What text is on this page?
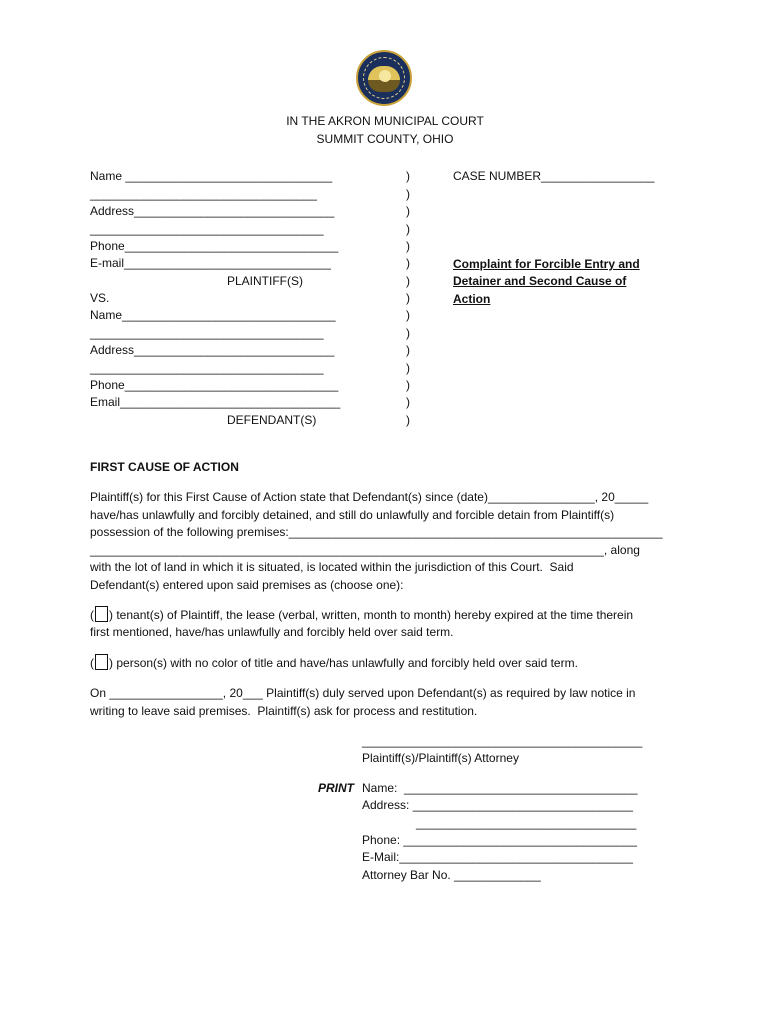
IN THE AKRON MUNICIPAL COURT
SUMMIT COUNTY, OHIO
Name _______________________________
__________________________________
Address______________________________
___________________________________
Phone________________________________
E-mail_______________________________
PLAINTIFF(S)
VS.
Name________________________________
___________________________________
Address______________________________
___________________________________
Phone________________________________
Email_________________________________
DEFENDANT(S)
)
)
)
)
)
)
)
)
)
)
)
)
)
)
)
CASE NUMBER_________________
Complaint for Forcible Entry and
Detainer and Second Cause of
Action
FIRST CAUSE OF ACTION
Plaintiff(s) for this First Cause of Action state that Defendant(s) since (date)________________, 20_____
have/has unlawfully and forcibly detained, and still do unlawfully and forcible detain from Plaintiff(s)
possession of the following premises:________________________________________________________
_____________________________________________________________________________, along
with the lot of land in which it is situated, is located within the jurisdiction of this Court.  Said
Defendant(s) entered upon said premises as (choose one):
( ) tenant(s) of Plaintiff, the lease (verbal, written, month to month) hereby expired at the time therein
first mentioned, have/has unlawfully and forcibly held over said term.
( ) person(s) with no color of title and have/has unlawfully and forcibly held over said term.
On _________________, 20___ Plaintiff(s) duly served upon Defendant(s) as required by law notice in
writing to leave said premises.  Plaintiff(s) ask for process and restitution.
__________________________________________
Plaintiff(s)/Plaintiff(s) Attorney
PRINT Name:  ___________________________________
Address: _________________________________
_________________________________
Phone: ___________________________________
E-Mail:___________________________________
Attorney Bar No. _____________
